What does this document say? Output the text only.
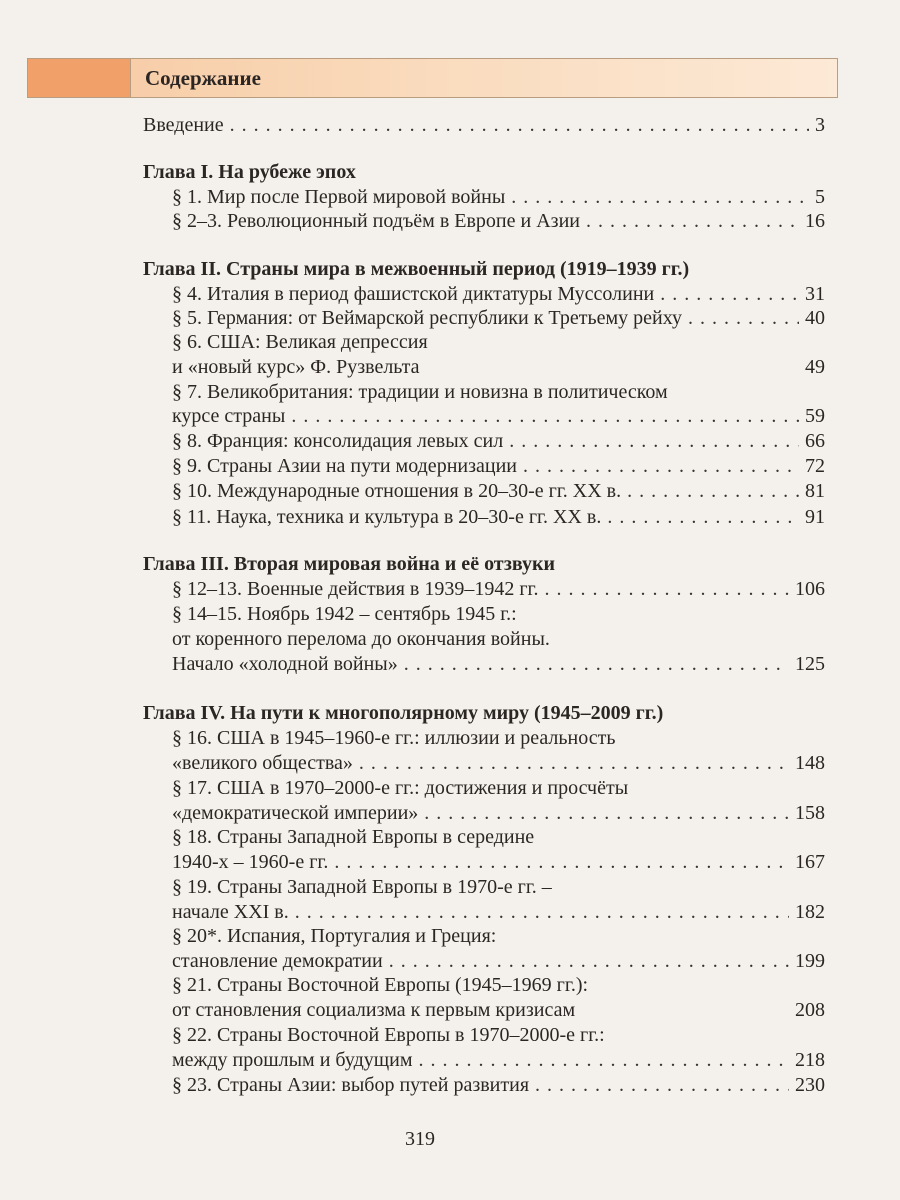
Содержание
Введение . . .	3
Глава I. На рубеже эпох
§ 1. Мир после Первой мировой войны . . .	5
§ 2–3. Революционный подъём в Европе и Азии . . .	16
Глава II. Страны мира в межвоенный период (1919–1939 гг.)
§ 4. Италия в период фашистской диктатуры Муссолини . . .	31
§ 5. Германия: от Веймарской республики к Третьему рейху . . .	40
§ 6. США: Великая депрессия
и «новый курс» Ф. Рузвельта	49
§ 7. Великобритания: традиции и новизна в политическом
курсе страны . . .	59
§ 8. Франция: консолидация левых сил . . .	66
§ 9. Страны Азии на пути модернизации . . .	72
§ 10. Международные отношения в 20–30-е гг. XX в. . . .	81
§ 11. Наука, техника и культура в 20–30-е гг. XX в. . . .	91
Глава III. Вторая мировая война и её отзвуки
§ 12–13. Военные действия в 1939–1942 гг. . . .	106
§ 14–15. Ноябрь 1942 – сентябрь 1945 г.:
от коренного перелома до окончания войны.
Начало «холодной войны» . . .	125
Глава IV. На пути к многополярному миру (1945–2009 гг.)
§ 16. США в 1945–1960-е гг.: иллюзии и реальность
«великого общества» . . .	148
§ 17. США в 1970–2000-е гг.: достижения и просчёты
«демократической империи» . . .	158
§ 18. Страны Западной Европы в середине
1940-х – 1960-е гг. . . .	167
§ 19. Страны Западной Европы в 1970-е гг. –
начале XXI в. . . .	182
§ 20*. Испания, Португалия и Греция:
становление демократии . . .	199
§ 21. Страны Восточной Европы (1945–1969 гг.):
от становления социализма к первым кризисам	208
§ 22. Страны Восточной Европы в 1970–2000-е гг.:
между прошлым и будущим . . .	218
§ 23. Страны Азии: выбор путей развития . . .	230
319
